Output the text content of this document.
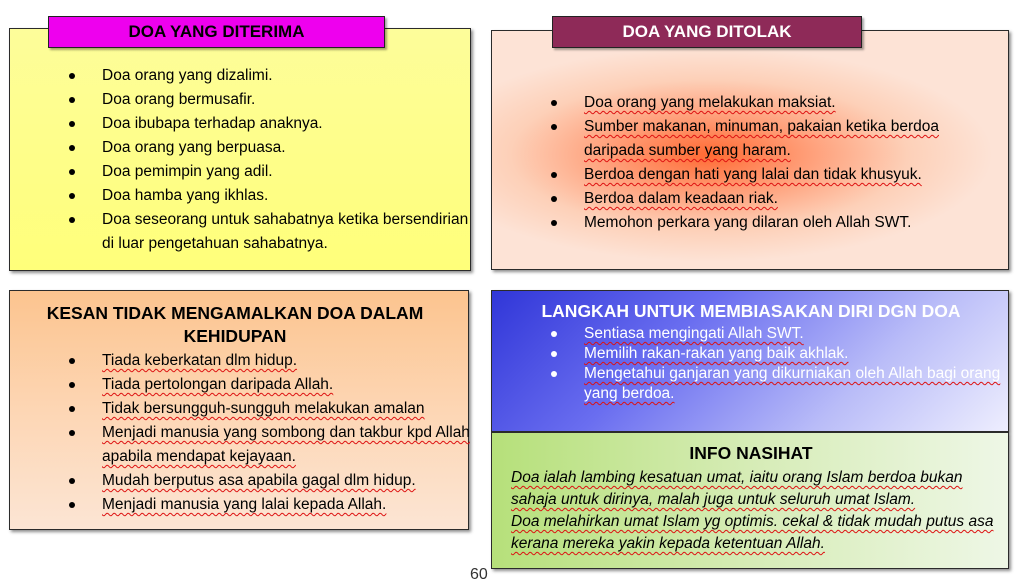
Doa orang yang dizalimi.
Doa orang bermusafir.
Doa ibubapa terhadap anaknya.
Doa orang yang berpuasa.
Doa pemimpin yang adil.
Doa hamba yang ikhlas.
Doa seseorang untuk sahabatnya ketika bersendirian di luar pengetahuan sahabatnya.
DOA YANG DITERIMA
Doa orang yang melakukan maksiat.
Sumber makanan, minuman, pakaian ketika berdoa daripada sumber yang haram.
Berdoa dengan hati yang lalai dan tidak khusyuk.
Berdoa dalam keadaan riak.
Memohon perkara yang dilaran oleh Allah SWT.
DOA YANG DITOLAK
KESAN TIDAK MENGAMALKAN DOA DALAM KEHIDUPAN
Tiada keberkatan dlm hidup.
Tiada pertolongan daripada Allah.
Tidak bersungguh-sungguh melakukan amalan
Menjadi manusia yang sombong dan takbur kpd Allah apabila mendapat kejayaan.
Mudah berputus asa apabila gagal dlm hidup.
Menjadi manusia yang lalai kepada Allah.
LANGKAH UNTUK MEMBIASAKAN DIRI DGN DOA
Sentiasa mengingati Allah SWT.
Memilih rakan-rakan yang baik akhlak.
Mengetahui ganjaran yang dikurniakan oleh Allah bagi orang yang berdoa.
INFO NASIHAT
Doa ialah lambing kesatuan umat, iaitu orang Islam berdoa bukan sahaja untuk dirinya, malah juga untuk seluruh umat Islam.
Doa melahirkan umat Islam yg optimis. cekal & tidak mudah putus asa kerana mereka yakin kepada ketentuan Allah.
60
